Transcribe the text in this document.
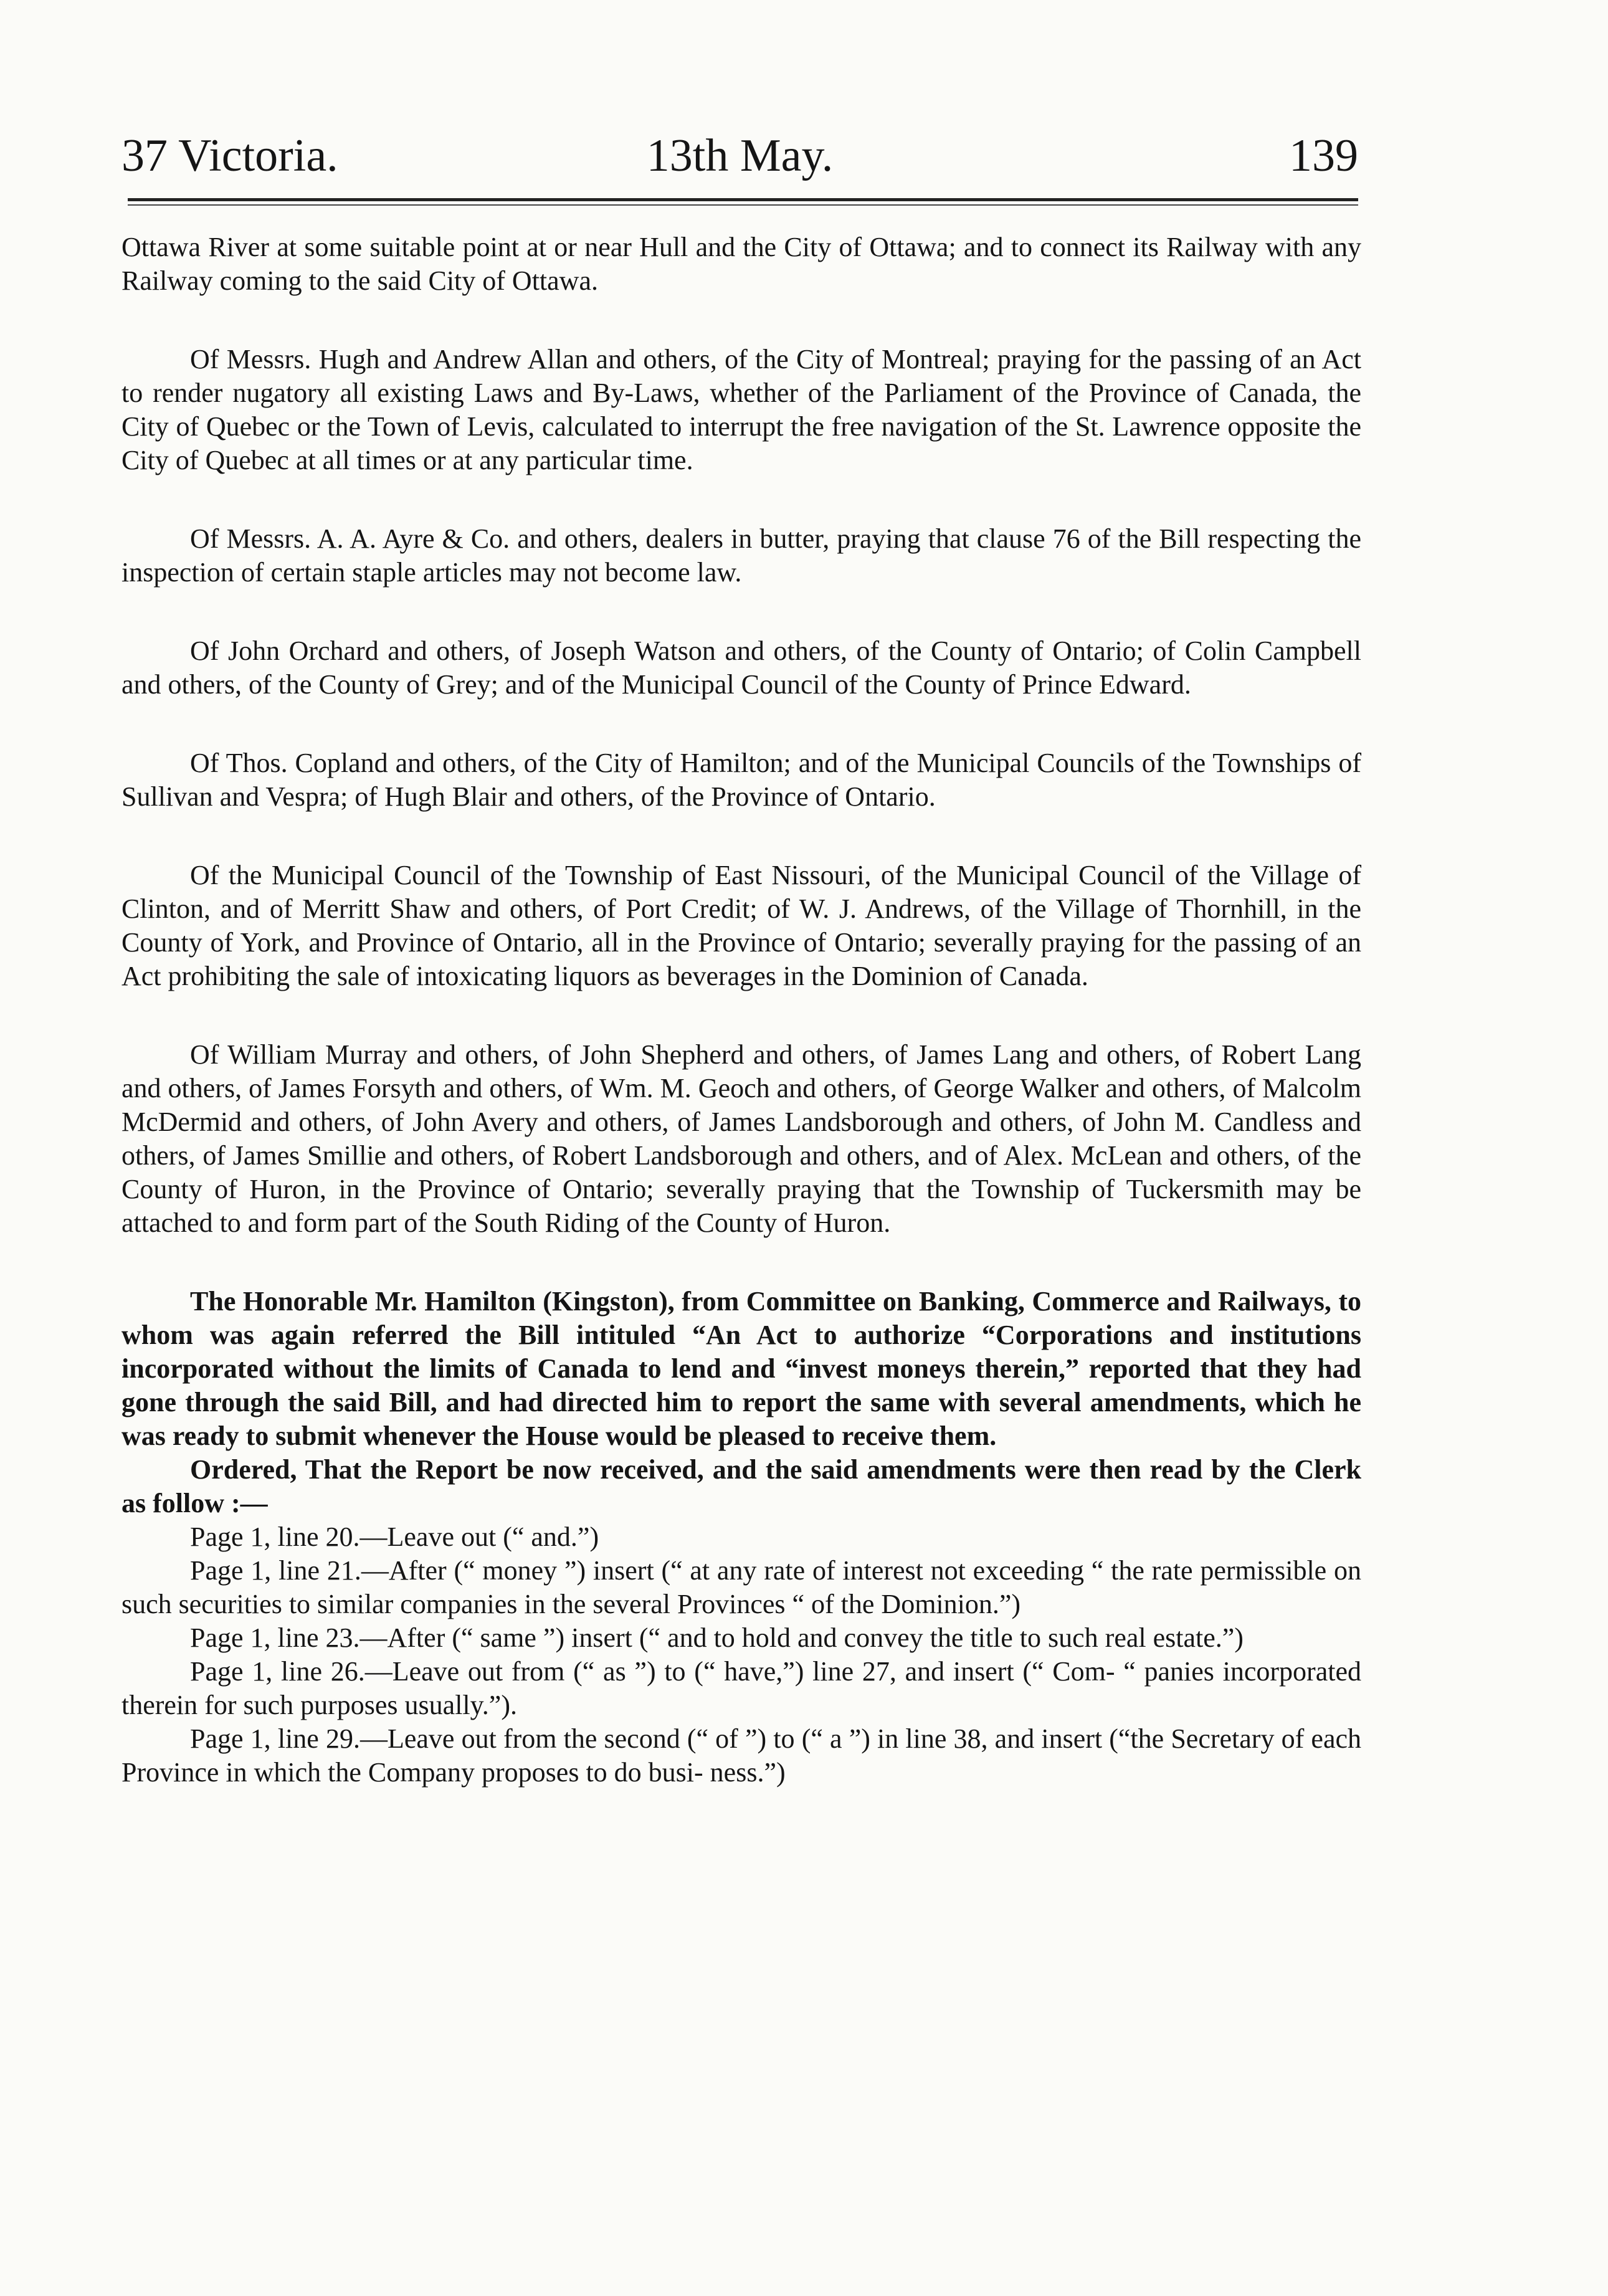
37 Victoria.	13th May.	139

Ottawa River at some suitable point at or near Hull and the City of Ottawa; and to connect its Railway with any Railway coming to the said City of Ottawa.

Of Messrs. Hugh and Andrew Allan and others, of the City of Montreal; praying for the passing of an Act to render nugatory all existing Laws and By-Laws, whether of the Parliament of the Province of Canada, the City of Quebec or the Town of Levis, calculated to interrupt the free navigation of the St. Lawrence opposite the City of Quebec at all times or at any particular time.

Of Messrs. A. A. Ayre & Co. and others, dealers in butter, praying that clause 76 of the Bill respecting the inspection of certain staple articles may not become law.

Of John Orchard and others, of Joseph Watson and others, of the County of Ontario; of Colin Campbell and others, of the County of Grey; and of the Municipal Council of the County of Prince Edward.

Of Thos. Copland and others, of the City of Hamilton; and of the Municipal Councils of the Townships of Sullivan and Vespra; of Hugh Blair and others, of the Province of Ontario.

Of the Municipal Council of the Township of East Nissouri, of the Municipal Council of the Village of Clinton, and of Merritt Shaw and others, of Port Credit; of W. J. Andrews, of the Village of Thornhill, in the County of York, and Province of Ontario, all in the Province of Ontario; severally praying for the passing of an Act prohibiting the sale of intoxicating liquors as beverages in the Dominion of Canada.

Of William Murray and others, of John Shepherd and others, of James Lang and others, of Robert Lang and others, of James Forsyth and others, of Wm. M. Geoch and others, of George Walker and others, of Malcolm McDermid and others, of John Avery and others, of James Landsborough and others, of John M. Candless and others, of James Smillie and others, of Robert Landsborough and others, and of Alex. McLean and others, of the County of Huron, in the Province of Ontario; severally praying that the Township of Tuckersmith may be attached to and form part of the South Riding of the County of Huron.

The Honorable Mr. Hamilton (Kingston), from Committee on Banking, Commerce and Railways, to whom was again referred the Bill intituled “An Act to authorize “Corporations and institutions incorporated without the limits of Canada to lend and “invest moneys therein,” reported that they had gone through the said Bill, and had directed him to report the same with several amendments, which he was ready to submit whenever the House would be pleased to receive them.

Ordered, That the Report be now received, and the said amendments were then read by the Clerk as follow :—

Page 1, line 20.—Leave out (“ and.”)

Page 1, line 21.—After (“ money ”) insert (“ at any rate of interest not exceeding “ the rate permissible on such securities to similar companies in the several Provinces “ of the Dominion.”)

Page 1, line 23.—After (“ same ”) insert (“ and to hold and convey the title to such real estate.”)

Page 1, line 26.—Leave out from (“ as ”) to (“ have,”) line 27, and insert (“ Com- “ panies incorporated therein for such purposes usually.”).

Page 1, line 29.—Leave out from the second (“ of ”) to (“ a ”) in line 38, and insert (“the Secretary of each Province in which the Company proposes to do busi- ness.”)
